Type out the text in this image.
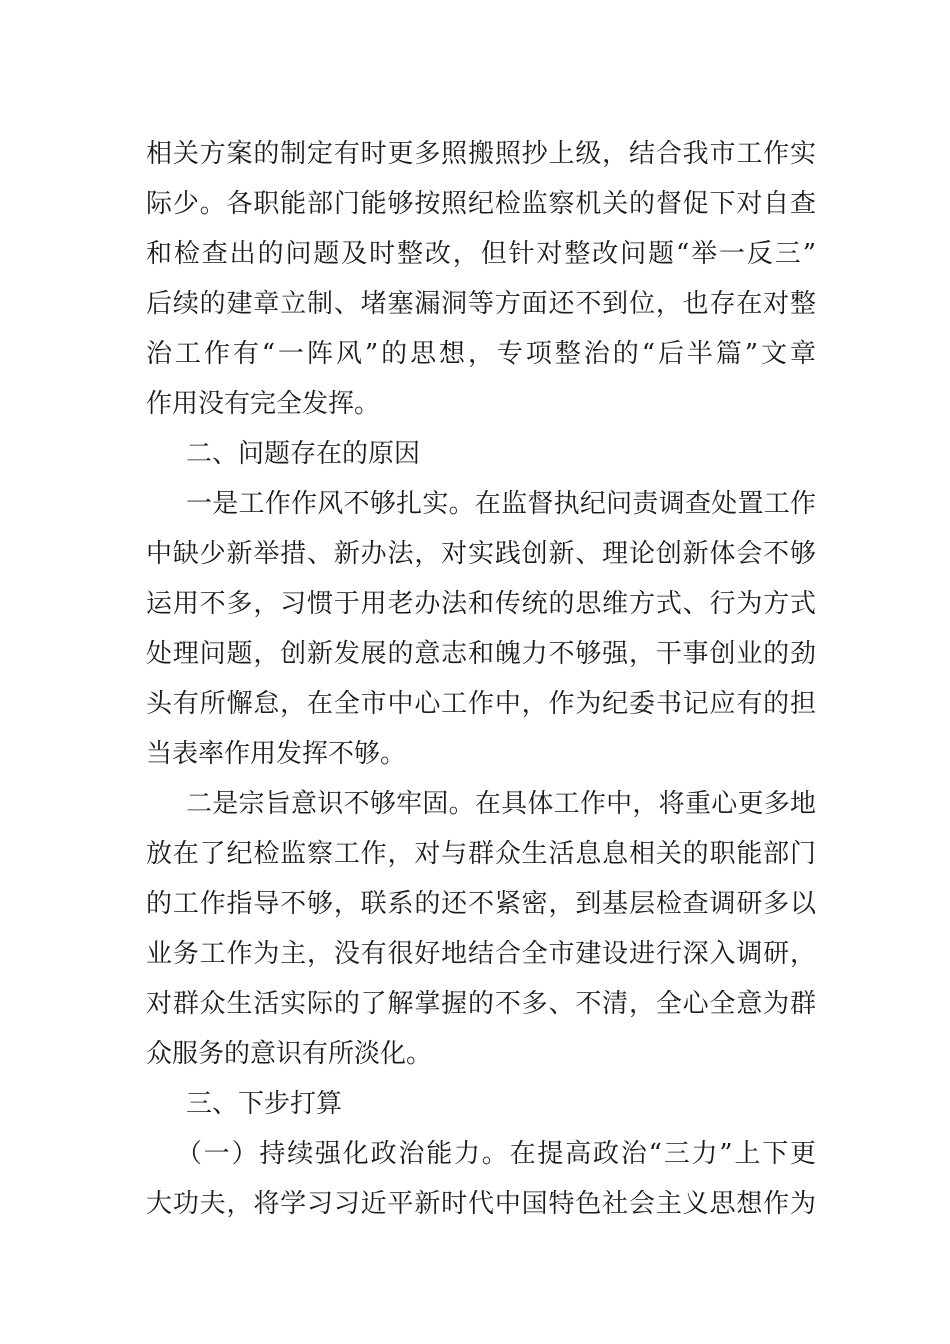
相关方案的制定有时更多照搬照抄上级，结合我市工作实
际少。各职能部门能够按照纪检监察机关的督促下对自查
和检查出的问题及时整改，但针对整改问题“举一反三”
后续的建章立制、堵塞漏洞等方面还不到位，也存在对整
治工作有“一阵风”的思想，专项整治的“后半篇”文章
作用没有完全发挥。
二、问题存在的原因
一是工作作风不够扎实。在监督执纪问责调查处置工作
中缺少新举措、新办法，对实践创新、理论创新体会不够
运用不多，习惯于用老办法和传统的思维方式、行为方式
处理问题，创新发展的意志和魄力不够强，干事创业的劲
头有所懈怠，在全市中心工作中，作为纪委书记应有的担
当表率作用发挥不够。
二是宗旨意识不够牢固。在具体工作中，将重心更多地
放在了纪检监察工作，对与群众生活息息相关的职能部门
的工作指导不够，联系的还不紧密，到基层检查调研多以
业务工作为主，没有很好地结合全市建设进行深入调研，
对群众生活实际的了解掌握的不多、不清，全心全意为群
众服务的意识有所淡化。
三、下步打算
（一）持续强化政治能力。在提高政治“三力”上下更
大功夫，将学习习近平新时代中国特色社会主义思想作为
